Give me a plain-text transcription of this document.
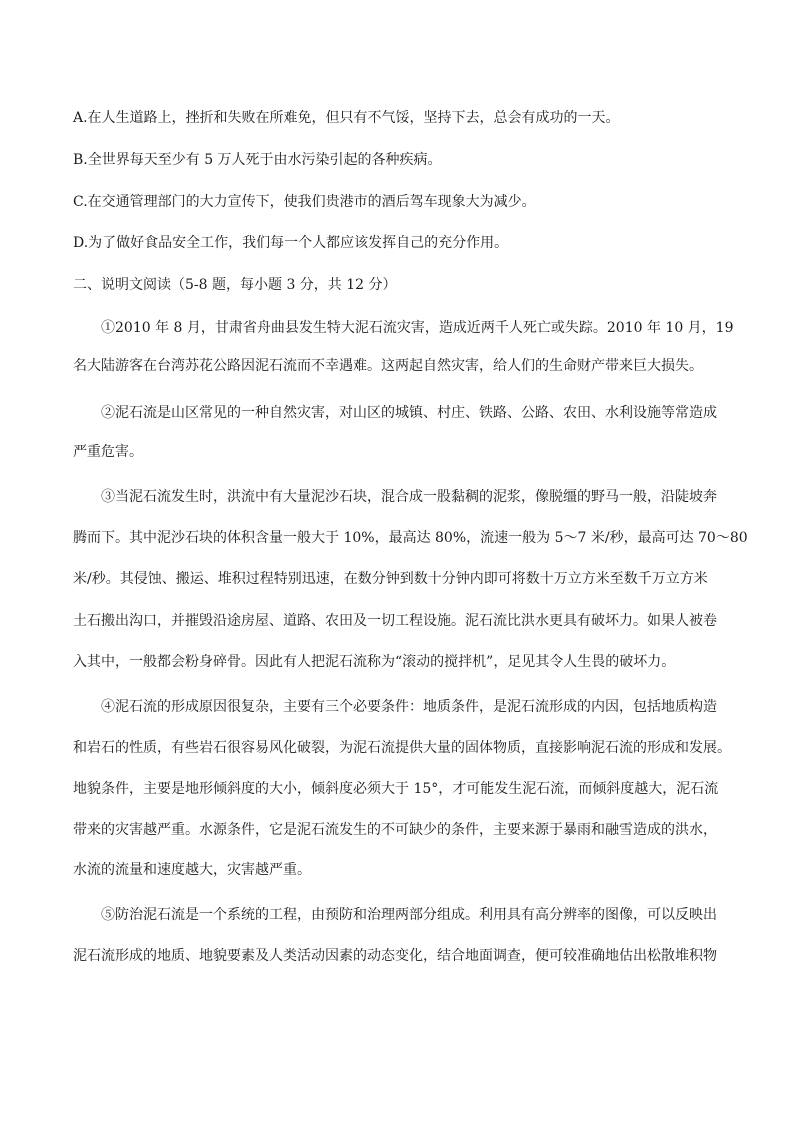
A.在人生道路上，挫折和失败在所难免，但只有不气馁，坚持下去，总会有成功的一天。
B.全世界每天至少有 5 万人死于由水污染引起的各种疾病。
C.在交通管理部门的大力宣传下，使我们贵港市的酒后驾车现象大为减少。
D.为了做好食品安全工作，我们每一个人都应该发挥自己的充分作用。
二、说明文阅读（5-8 题，每小题 3 分，共 12 分）
①2010 年 8 月，甘肃省舟曲县发生特大泥石流灾害，造成近两千人死亡或失踪。2010 年 10 月，19
名大陆游客在台湾苏花公路因泥石流而不幸遇难。这两起自然灾害，给人们的生命财产带来巨大损失。
②泥石流是山区常见的一种自然灾害，对山区的城镇、村庄、铁路、公路、农田、水利设施等常造成
严重危害。
③当泥石流发生时，洪流中有大量泥沙石块，混合成一股黏稠的泥浆，像脱缰的野马一般，沿陡坡奔
腾而下。其中泥沙石块的体积含量一般大于 10%，最高达 80%，流速一般为 5～7 米/秒，最高可达 70～80
米/秒。其侵蚀、搬运、堆积过程特别迅速，在数分钟到数十分钟内即可将数十万立方米至数千万立方米
土石搬出沟口，并摧毁沿途房屋、道路、农田及一切工程设施。泥石流比洪水更具有破坏力。如果人被卷
入其中，一般都会粉身碎骨。因此有人把泥石流称为“滚动的搅拌机”，足见其令人生畏的破坏力。
④泥石流的形成原因很复杂，主要有三个必要条件：地质条件，是泥石流形成的内因，包括地质构造
和岩石的性质，有些岩石很容易风化破裂，为泥石流提供大量的固体物质，直接影响泥石流的形成和发展。
地貌条件，主要是地形倾斜度的大小，倾斜度必须大于 15°，才可能发生泥石流，而倾斜度越大，泥石流
带来的灾害越严重。水源条件，它是泥石流发生的不可缺少的条件，主要来源于暴雨和融雪造成的洪水，
水流的流量和速度越大，灾害越严重。
⑤防治泥石流是一个系统的工程，由预防和治理两部分组成。利用具有高分辨率的图像，可以反映出
泥石流形成的地质、地貌要素及人类活动因素的动态变化，结合地面调查，便可较准确地估出松散堆积物
